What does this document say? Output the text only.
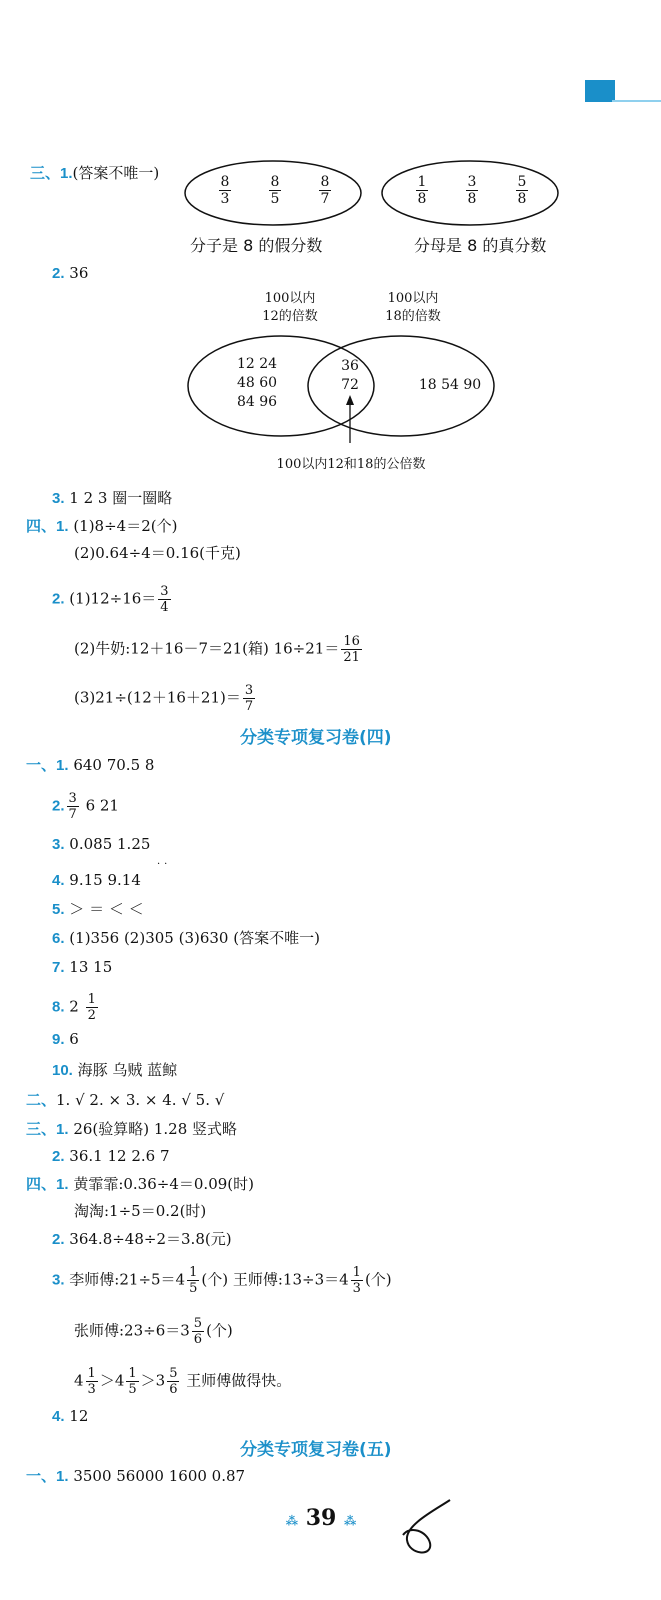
三、1.(答案不唯一)
$\frac{8}{3}$	$\frac{8}{5}$	$\frac{8}{7}$	$\frac{1}{8}$	$\frac{3}{8}$	$\frac{5}{8}$
分子是 8 的假分数	分母是 8 的真分数
2. 36
100以内
12的倍数
100以内
18的倍数
12 24
48 60
84 96
36
72	18 54 90
100以内12和18的公倍数
3. 1 2 3 圈一圈略
四、1. (1)8÷4＝2(个)
(2)0.64÷4＝0.16(千克)
2. $(1)12\div 16= \frac{3}{4}$
(2)牛奶:12＋16－7＝21(箱) $16\div 21= \frac{16}{21}$
$(3)21\div(12+16+21)= \frac{3}{7}$
分类专项复习卷(四)
一、1. 640 70.5 8
2. $\frac{3}{7} 6$ 21
3. 0.085 1.25
··
4. 9.15 9.14
5. ＞ ＝ ＜ ＜
6. (1)356 (2)305 (3)630 (答案不唯一)
7. 13 15
8. $2 \frac{1}{2}$
9. 6
10. 海豚 乌贼 蓝鲸
二、1. √ 2. × 3. × 4. √ 5. √
三、1. 26(验算略) 1.28 竖式略
2. 36.1 12 2.6 7
四、1. 黄霏霏:0.36÷4＝0.09(时)
淘淘:1÷5＝0.2(时)
2. 364.8÷48÷2＝3.8(元)
3. 李师傅:21÷5＝4 $\frac{1}{5}$ (个) 王师傅:13÷3＝4 $\frac{1}{3}$ (个)
张师傅:23÷6＝3 $\frac{5}{6}$ (个)
$4 \frac{1}{3} >4 \frac{1}{5} >3 \frac{5}{6}$ 王师傅做得快。
4. 12
分类专项复习卷(五)
一、1. 3500 56000 1600 0.87
⁂ 39 ⁂
